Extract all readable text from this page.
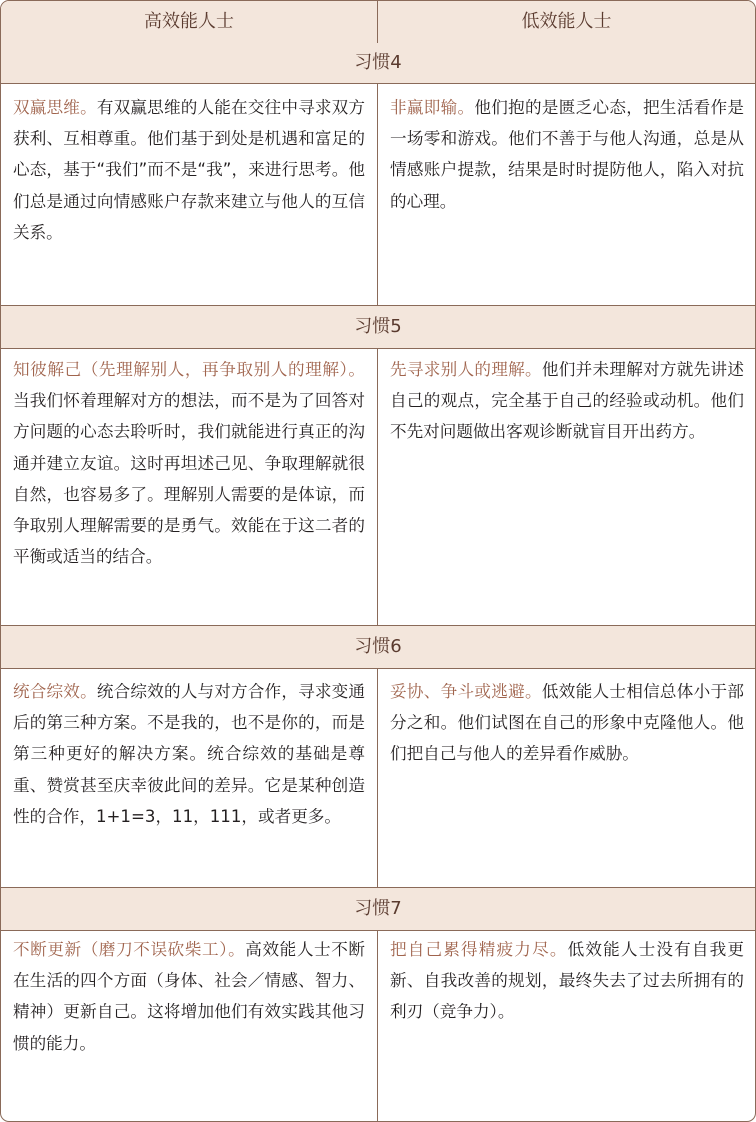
高效能人士	低效能人士
习惯4
双赢思维。有双赢思维的人能在交往中寻求双方获利、互相尊重。他们基于到处是机遇和富足的心态，基于“我们”而不是“我”，来进行思考。他们总是通过向情感账户存款来建立与他人的互信关系。
非赢即输。他们抱的是匮乏心态，把生活看作是一场零和游戏。他们不善于与他人沟通，总是从情感账户提款，结果是时时提防他人，陷入对抗的心理。
习惯5
知彼解己（先理解别人，再争取别人的理解）。当我们怀着理解对方的想法，而不是为了回答对方问题的心态去聆听时，我们就能进行真正的沟通并建立友谊。这时再坦述己见、争取理解就很自然，也容易多了。理解别人需要的是体谅，而争取别人理解需要的是勇气。效能在于这二者的平衡或适当的结合。
先寻求别人的理解。他们并未理解对方就先讲述自己的观点，完全基于自己的经验或动机。他们不先对问题做出客观诊断就盲目开出药方。
习惯6
统合综效。统合综效的人与对方合作，寻求变通后的第三种方案。不是我的，也不是你的，而是第三种更好的解决方案。统合综效的基础是尊重、赞赏甚至庆幸彼此间的差异。它是某种创造性的合作，1+1=3，11，111，或者更多。
妥协、争斗或逃避。低效能人士相信总体小于部分之和。他们试图在自己的形象中克隆他人。他们把自己与他人的差异看作威胁。
习惯7
不断更新（磨刀不误砍柴工）。高效能人士不断在生活的四个方面（身体、社会／情感、智力、精神）更新自己。这将增加他们有效实践其他习惯的能力。
把自己累得精疲力尽。低效能人士没有自我更新、自我改善的规划，最终失去了过去所拥有的利刃（竞争力）。
